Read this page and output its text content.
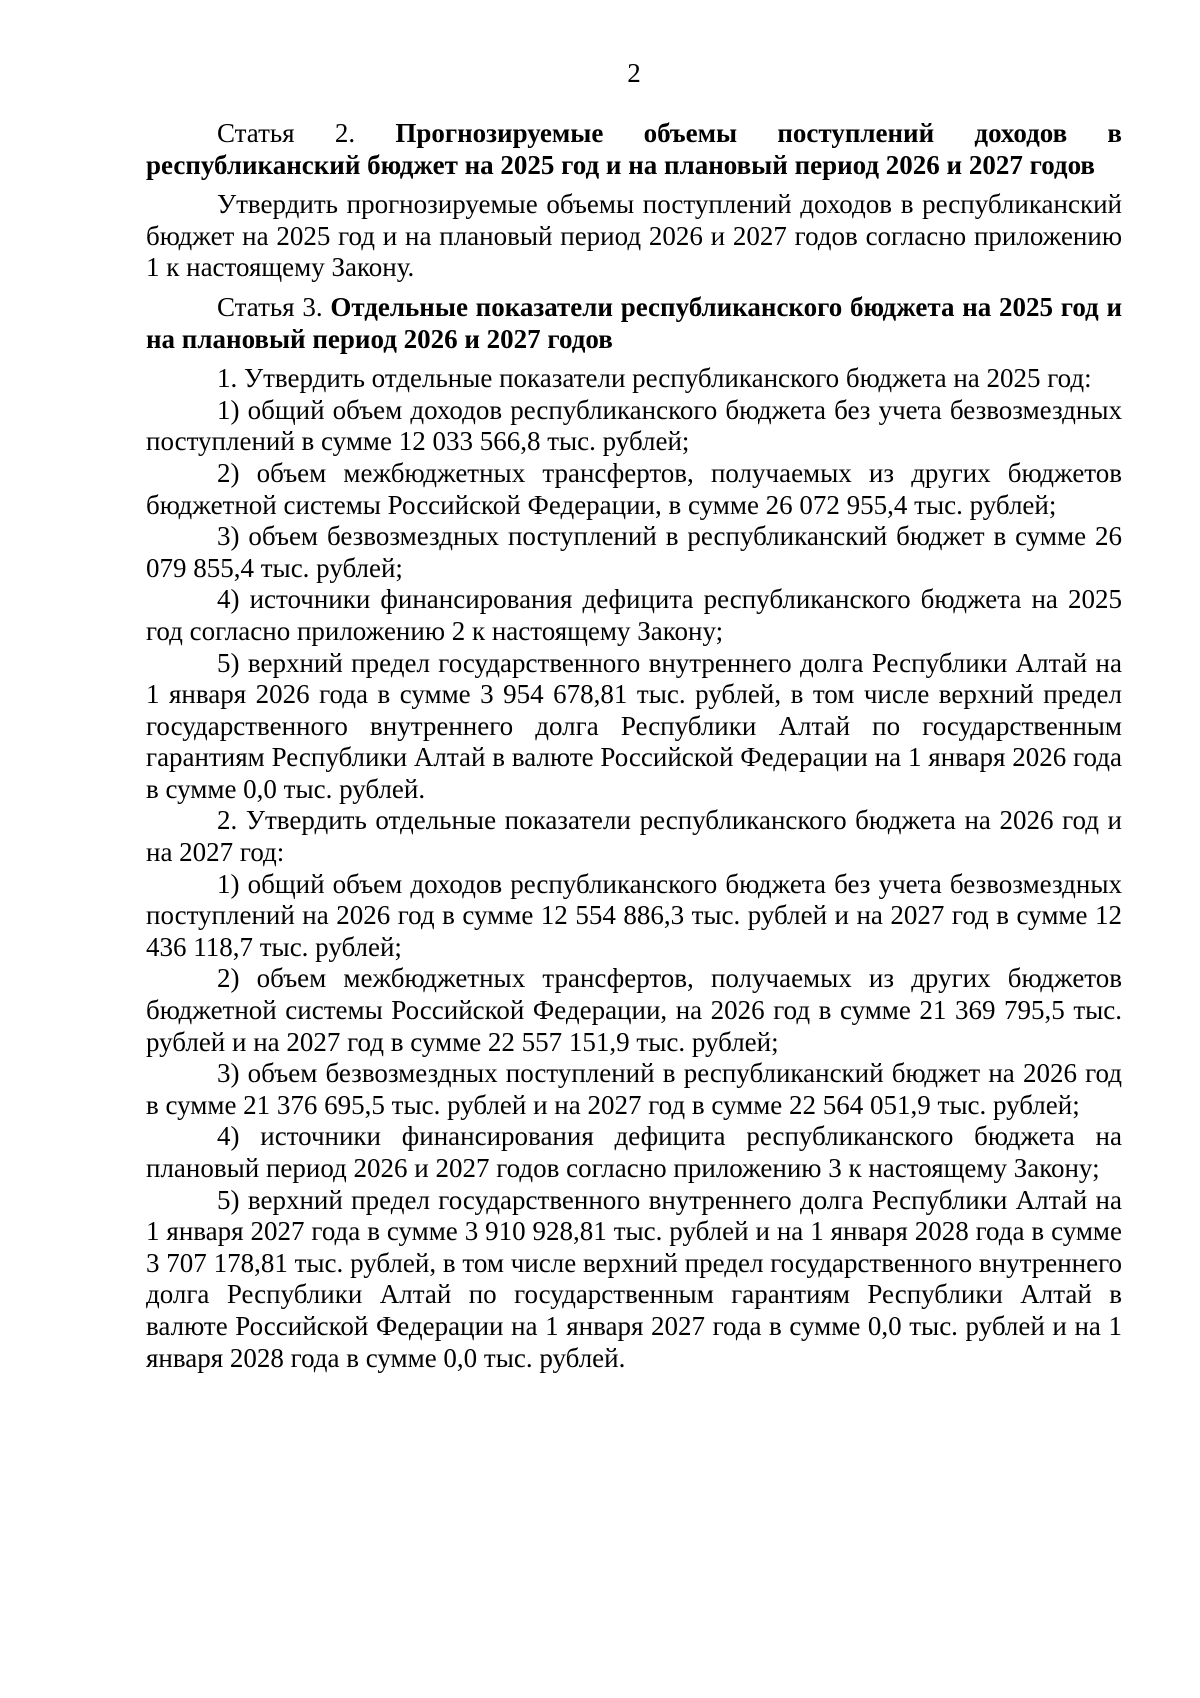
2

Статья 2. Прогнозируемые объемы поступлений доходов в республиканский бюджет на 2025 год и на плановый период 2026 и 2027 годов

Утвердить прогнозируемые объемы поступлений доходов в республиканский бюджет на 2025 год и на плановый период 2026 и 2027 годов согласно приложению 1 к настоящему Закону.

Статья 3. Отдельные показатели республиканского бюджета на 2025 год и на плановый период 2026 и 2027 годов

1. Утвердить отдельные показатели республиканского бюджета на 2025 год:

1) общий объем доходов республиканского бюджета без учета безвозмездных поступлений в сумме 12 033 566,8 тыс. рублей;

2) объем межбюджетных трансфертов, получаемых из других бюджетов бюджетной системы Российской Федерации, в сумме 26 072 955,4 тыс. рублей;

3) объем безвозмездных поступлений в республиканский бюджет в сумме 26 079 855,4 тыс. рублей;

4) источники финансирования дефицита республиканского бюджета на 2025 год согласно приложению 2 к настоящему Закону;

5) верхний предел государственного внутреннего долга Республики Алтай на 1 января 2026 года в сумме 3 954 678,81 тыс. рублей, в том числе верхний предел государственного внутреннего долга Республики Алтай по государственным гарантиям Республики Алтай в валюте Российской Федерации на 1 января 2026 года в сумме 0,0 тыс. рублей.

2. Утвердить отдельные показатели республиканского бюджета на 2026 год и на 2027 год:

1) общий объем доходов республиканского бюджета без учета безвозмездных поступлений на 2026 год в сумме 12 554 886,3 тыс. рублей и на 2027 год в сумме 12 436 118,7 тыс. рублей;

2) объем межбюджетных трансфертов, получаемых из других бюджетов бюджетной системы Российской Федерации, на 2026 год в сумме 21 369 795,5 тыс. рублей и на 2027 год в сумме 22 557 151,9 тыс. рублей;

3) объем безвозмездных поступлений в республиканский бюджет на 2026 год в сумме 21 376 695,5 тыс. рублей и на 2027 год в сумме 22 564 051,9 тыс. рублей;

4) источники финансирования дефицита республиканского бюджета на плановый период 2026 и 2027 годов согласно приложению 3 к настоящему Закону;

5) верхний предел государственного внутреннего долга Республики Алтай на 1 января 2027 года в сумме 3 910 928,81 тыс. рублей и на 1 января 2028 года в сумме 3 707 178,81 тыс. рублей, в том числе верхний предел государственного внутреннего долга Республики Алтай по государственным гарантиям Республики Алтай в валюте Российской Федерации на 1 января 2027 года в сумме 0,0 тыс. рублей и на 1 января 2028 года в сумме 0,0 тыс. рублей.
